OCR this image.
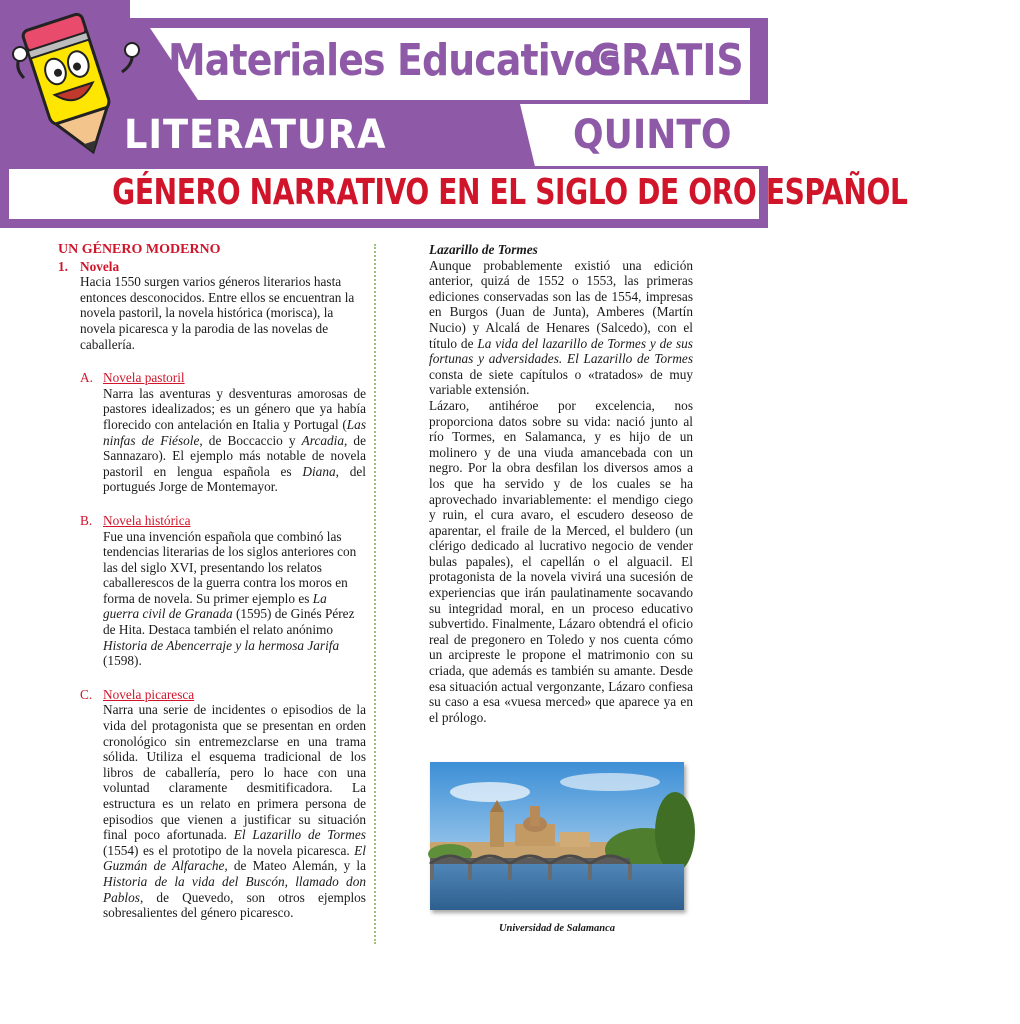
Materiales Educativos
GRATIS
LITERATURA	QUINTO
GÉNERO NARRATIVO EN EL SIGLO DE ORO ESPAÑOL

UN GÉNERO MODERNO

1. Novela

Hacia 1550 surgen varios géneros literarios hasta entonces desconocidos. Entre ellos se encuentran la novela pastoril, la novela histórica (morisca), la novela picaresca y la parodia de las novelas de caballería.

A. Novela pastoril

Narra las aventuras y desventuras amorosas de pastores idealizados; es un género que ya había florecido con antelación en Italia y Portugal (Las ninfas de Fiésole, de Boccaccio y Arcadia, de Sannazaro). El ejemplo más notable de novela pastoril en lengua española es Diana, del portugués Jorge de Montemayor.

B. Novela histórica

Fue una invención española que combinó las tendencias literarias de los siglos anteriores con las del siglo XVI, presentando los relatos caballerescos de la guerra contra los moros en forma de novela. Su primer ejemplo es La guerra civil de Granada (1595) de Ginés Pérez de Hita. Destaca también el relato anónimo Historia de Abencerraje y la hermosa Jarifa (1598).

C. Novela picaresca

Narra una serie de incidentes o episodios de la vida del protagonista que se presentan en orden cronológico sin entremezclarse en una trama sólida. Utiliza el esquema tradicional de los libros de caballería, pero lo hace con una voluntad claramente desmitificadora. La estructura es un relato en primera persona de episodios que vienen a justificar su situación final poco afortunada. El Lazarillo de Tormes (1554) es el prototipo de la novela picaresca. El Guzmán de Alfarache, de Mateo Alemán, y la Historia de la vida del Buscón, llamado don Pablos, de Quevedo, son otros ejemplos sobresalientes del género picaresco.

Lazarillo de Tormes

Aunque probablemente existió una edición anterior, quizá de 1552 o 1553, las primeras ediciones conservadas son las de 1554, impresas en Burgos (Juan de Junta), Amberes (Martín Nucio) y Alcalá de Henares (Salcedo), con el título de La vida del lazarillo de Tormes y de sus fortunas y adversidades. El Lazarillo de Tormes consta de siete capítulos o «tratados» de muy variable extensión.

Lázaro, antihéroe por excelencia, nos proporciona datos sobre su vida: nació junto al río Tormes, en Salamanca, y es hijo de un molinero y de una viuda amancebada con un negro. Por la obra desfilan los diversos amos a los que ha servido y de los cuales se ha aprovechado invariablemente: el mendigo ciego y ruin, el cura avaro, el escudero deseoso de aparentar, el fraile de la Merced, el buldero (un clérigo dedicado al lucrativo negocio de vender bulas papales), el capellán o el alguacil. El protagonista de la novela vivirá una sucesión de experiencias que irán paulatinamente socavando su integridad moral, en un proceso educativo subvertido. Finalmente, Lázaro obtendrá el oficio real de pregonero en Toledo y nos cuenta cómo un arcipreste le propone el matrimonio con su criada, que además es también su amante. Desde esa situación actual vergonzante, Lázaro confiesa su caso a esa «vuesa merced» que aparece ya en el prólogo.

Universidad de Salamanca
